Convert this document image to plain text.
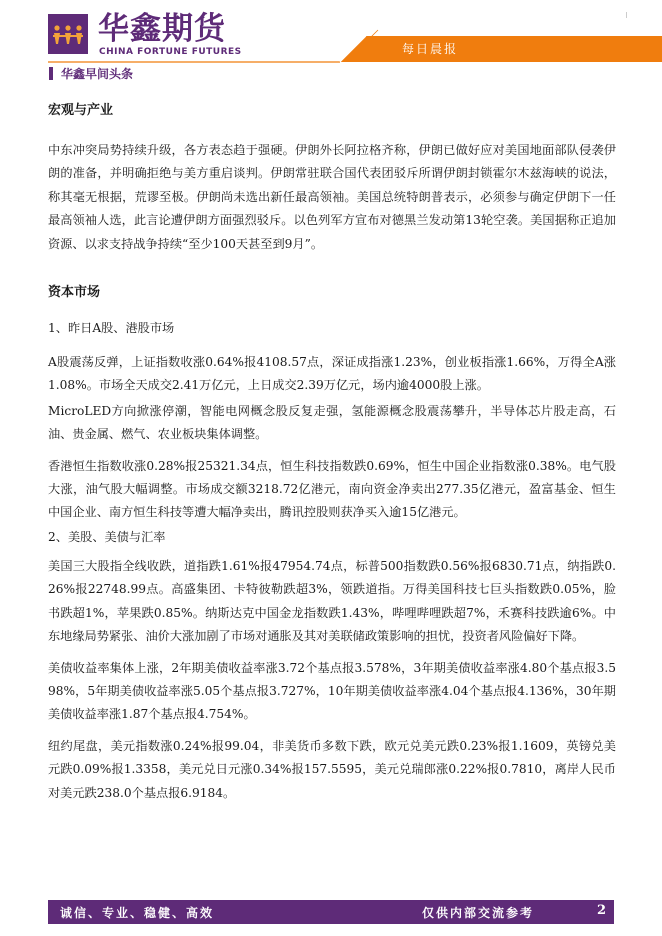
华鑫期货
CHINA FORTUNE FUTURES	每日晨报
华鑫早间头条

宏观与产业

中东冲突局势持续升级，各方表态趋于强硬。伊朗外长阿拉格齐称，伊朗已做好应对美国地面部队侵袭伊朗的准备，并明确拒绝与美方重启谈判。伊朗常驻联合国代表团驳斥所谓伊朗封锁霍尔木兹海峡的说法，称其毫无根据，荒谬至极。伊朗尚未选出新任最高领袖。美国总统特朗普表示，必须参与确定伊朗下一任最高领袖人选，此言论遭伊朗方面强烈驳斥。以色列军方宣布对德黑兰发动第13轮空袭。美国据称正追加资源、以求支持战争持续“至少100天甚至到9月”。

资本市场

1、昨日A股、港股市场

A股震荡反弹，上证指数收涨0.64%报4108.57点，深证成指涨1.23%，创业板指涨1.66%，万得全A涨1.08%。市场全天成交2.41万亿元，上日成交2.39万亿元，场内逾4000股上涨。

MicroLED方向掀涨停潮，智能电网概念股反复走强，氢能源概念股震荡攀升，半导体芯片股走高，石油、贵金属、燃气、农业板块集体调整。

香港恒生指数收涨0.28%报25321.34点，恒生科技指数跌0.69%，恒生中国企业指数涨0.38%。电气股大涨，油气股大幅调整。市场成交额3218.72亿港元，南向资金净卖出277.35亿港元，盈富基金、恒生中国企业、南方恒生科技等遭大幅净卖出，腾讯控股则获净买入逾15亿港元。

2、美股、美债与汇率

美国三大股指全线收跌，道指跌1.61%报47954.74点，标普500指数跌0.56%报6830.71点，纳指跌0.26%报22748.99点。高盛集团、卡特彼勒跌超3%，领跌道指。万得美国科技七巨头指数跌0.05%，脸书跌超1%，苹果跌0.85%。纳斯达克中国金龙指数跌1.43%，哔哩哔哩跌超7%，禾赛科技跌逾6%。中东地缘局势紧张、油价大涨加剧了市场对通胀及其对美联储政策影响的担忧，投资者风险偏好下降。

美债收益率集体上涨，2年期美债收益率涨3.72个基点报3.578%，3年期美债收益率涨4.80个基点报3.598%，5年期美债收益率涨5.05个基点报3.727%，10年期美债收益率涨4.04个基点报4.136%，30年期美债收益率涨1.87个基点报4.754%。

纽约尾盘，美元指数涨0.24%报99.04，非美货币多数下跌，欧元兑美元跌0.23%报1.1609，英镑兑美元跌0.09%报1.3358，美元兑日元涨0.34%报157.5595，美元兑瑞郎涨0.22%报0.7810，离岸人民币对美元跌238.0个基点报6.9184。

诚信、专业、稳健、高效	仅供内部交流参考	2
